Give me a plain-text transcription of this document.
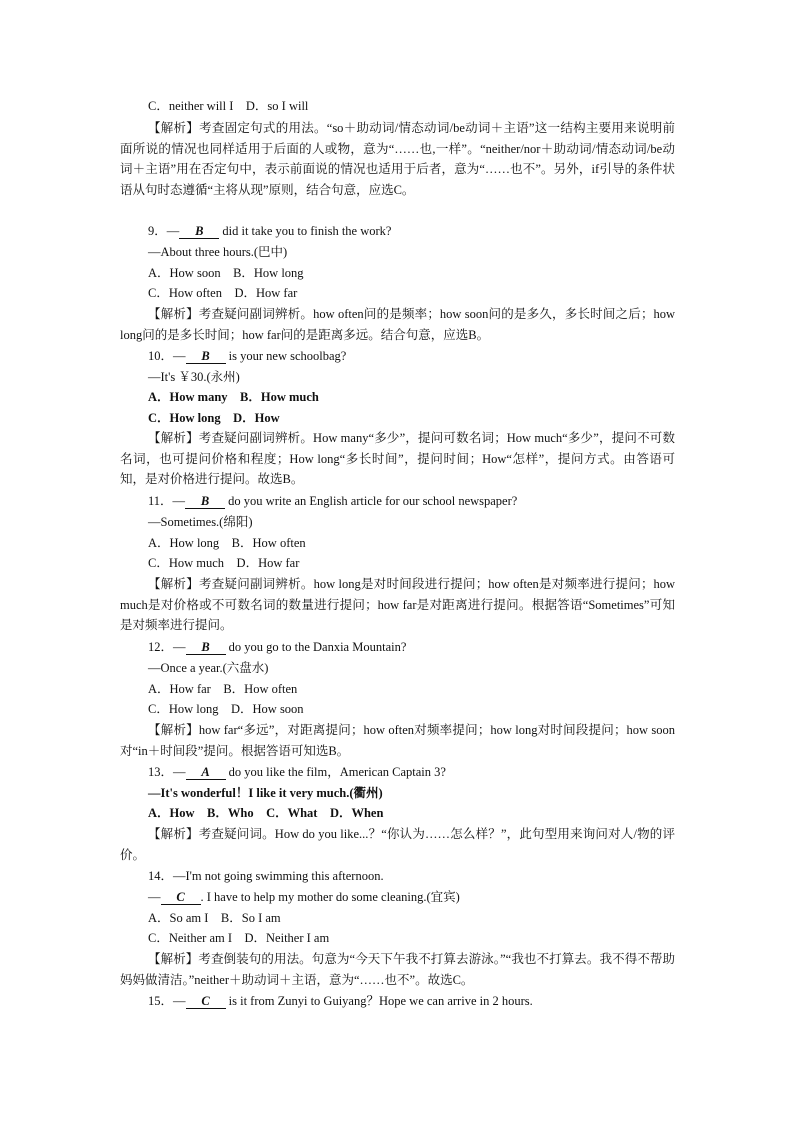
C．neither will I　D．so I will
【解析】考查固定句式的用法。“so＋助动词/情态动词/be动词＋主语”这一结构主要用来说明前面所说的情况也同样适用于后面的人或物，意为“……也,一样”。“neither/nor＋助动词/情态动词/be动词＋主语”用在否定句中，表示前面说的情况也适用于后者，意为“……也不”。另外，if引导的条件状语从句时态遵循“主将从现”原则，结合句意，应选C。
9．— B did it take you to finish the work?
—About three hours.(巴中)
A．How soon　B．How long
C．How often　D．How far
【解析】考查疑问副词辨析。how often问的是频率；how soon问的是多久，多长时间之后；how long问的是多长时间；how far问的是距离多远。结合句意，应选B。
10．— B is your new schoolbag?
—It's ￥30.(永州)
A．How many　B．How much
C．How long　D．How
【解析】考查疑问副词辨析。How many“多少”，提问可数名词；How much“多少”，提问不可数名词，也可提问价格和程度；How long“多长时间”，提问时间；How“怎样”，提问方式。由答语可知，是对价格进行提问。故选B。
11．— B do you write an English article for our school newspaper?
—Sometimes.(绵阳)
A．How long　B．How often
C．How much　D．How far
【解析】考查疑问副词辨析。how long是对时间段进行提问；how often是对频率进行提问；how much是对价格或不可数名词的数量进行提问；how far是对距离进行提问。根据答语“Sometimes”可知是对频率进行提问。
12．— B do you go to the Danxia Mountain?
—Once a year.(六盘水)
A．How far　B．How often
C．How long　D．How soon
【解析】how far“多远”，对距离提问；how often对频率提问；how long对时间段提问；how soon对“in＋时间段”提问。根据答语可知选B。
13．— A do you like the film，American Captain 3?
—It's wonderful！I like it very much.(衢州)
A．How　B．Who　C．What　D．When
【解析】考查疑问词。How do you like...？“你认为……怎么样？”，此句型用来询问对人/物的评价。
14．—I'm not going swimming this afternoon.
— C . I have to help my mother do some cleaning.(宜宾)
A．So am I　B．So I am
C．Neither am I　D．Neither I am
【解析】考查倒装句的用法。句意为“今天下午我不打算去游泳。”“我也不打算去。我不得不帮助妈妈做清洁。”neither＋助动词＋主语，意为“……也不”。故选C。
15．— C is it from Zunyi to Guiyang？Hope we can arrive in 2 hours.
